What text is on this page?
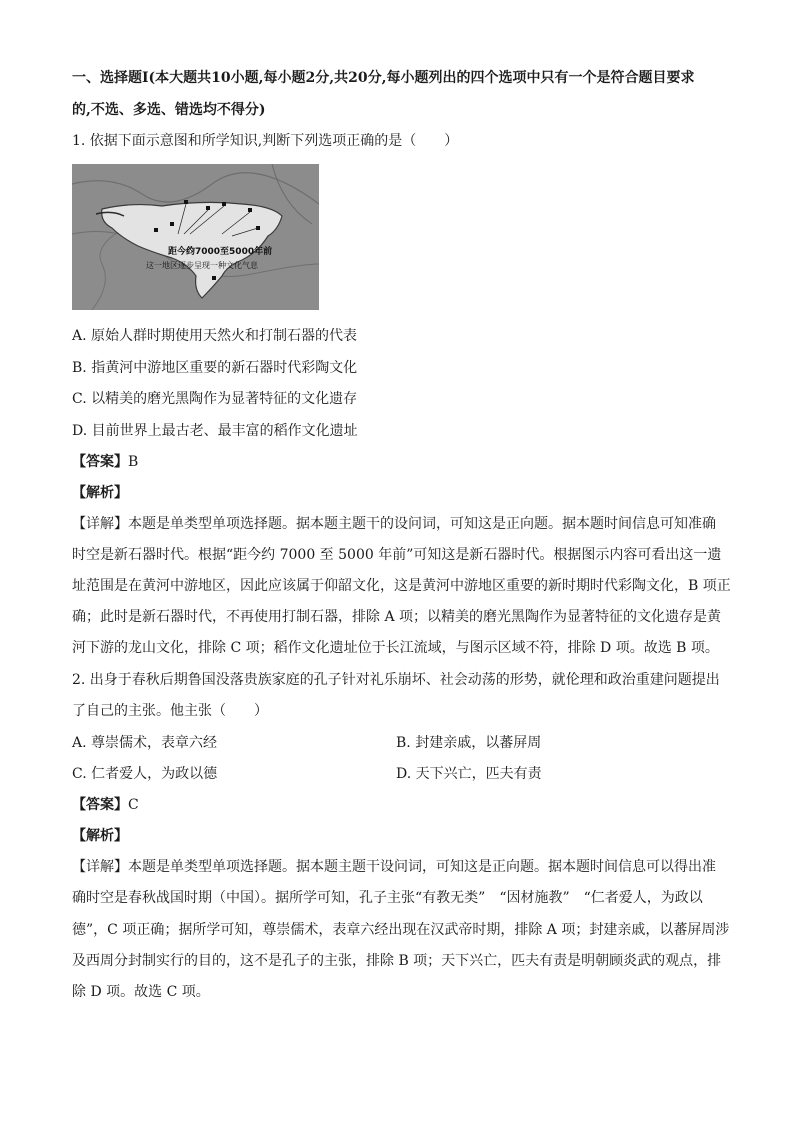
一、选择题Ⅰ(本大题共10小题,每小题2分,共20分,每小题列出的四个选项中只有一个是符合题目要求
的,不选、多选、错选均不得分)
1. 依据下面示意图和所学知识,判断下列选项正确的是（　　）
距今约7000至5000年前
这一地区逐步呈现一种文化气息
A. 原始人群时期使用天然火和打制石器的代表
B. 指黄河中游地区重要的新石器时代彩陶文化
C. 以精美的磨光黑陶作为显著特征的文化遗存
D. 目前世界上最古老、最丰富的稻作文化遗址
【答案】B
【解析】
【详解】本题是单类型单项选择题。据本题主题干的设问词，可知这是正向题。据本题时间信息可知准确
时空是新石器时代。根据“距今约 7000 至 5000 年前”可知这是新石器时代。根据图示内容可看出这一遗
址范围是在黄河中游地区，因此应该属于仰韶文化，这是黄河中游地区重要的新时期时代彩陶文化，B 项正
确；此时是新石器时代，不再使用打制石器，排除 A 项；以精美的磨光黑陶作为显著特征的文化遗存是黄
河下游的龙山文化，排除 C 项；稻作文化遗址位于长江流域，与图示区域不符，排除 D 项。故选 B 项。
2. 出身于春秋后期鲁国没落贵族家庭的孔子针对礼乐崩坏、社会动荡的形势，就伦理和政治重建问题提出
了自己的主张。他主张（　　）
A. 尊崇儒术，表章六经	B. 封建亲戚，以蕃屏周
C. 仁者爱人，为政以德	D. 天下兴亡，匹夫有责
【答案】C
【解析】
【详解】本题是单类型单项选择题。据本题主题干设问词，可知这是正向题。据本题时间信息可以得出准
确时空是春秋战国时期（中国）。据所学可知，孔子主张“有教无类”　“因材施教”　“仁者爱人，为政以
德”，C 项正确；据所学可知，尊崇儒术，表章六经出现在汉武帝时期，排除 A 项；封建亲戚，以蕃屏周涉
及西周分封制实行的目的，这不是孔子的主张，排除 B 项；天下兴亡，匹夫有责是明朝顾炎武的观点，排
除 D 项。故选 C 项。
